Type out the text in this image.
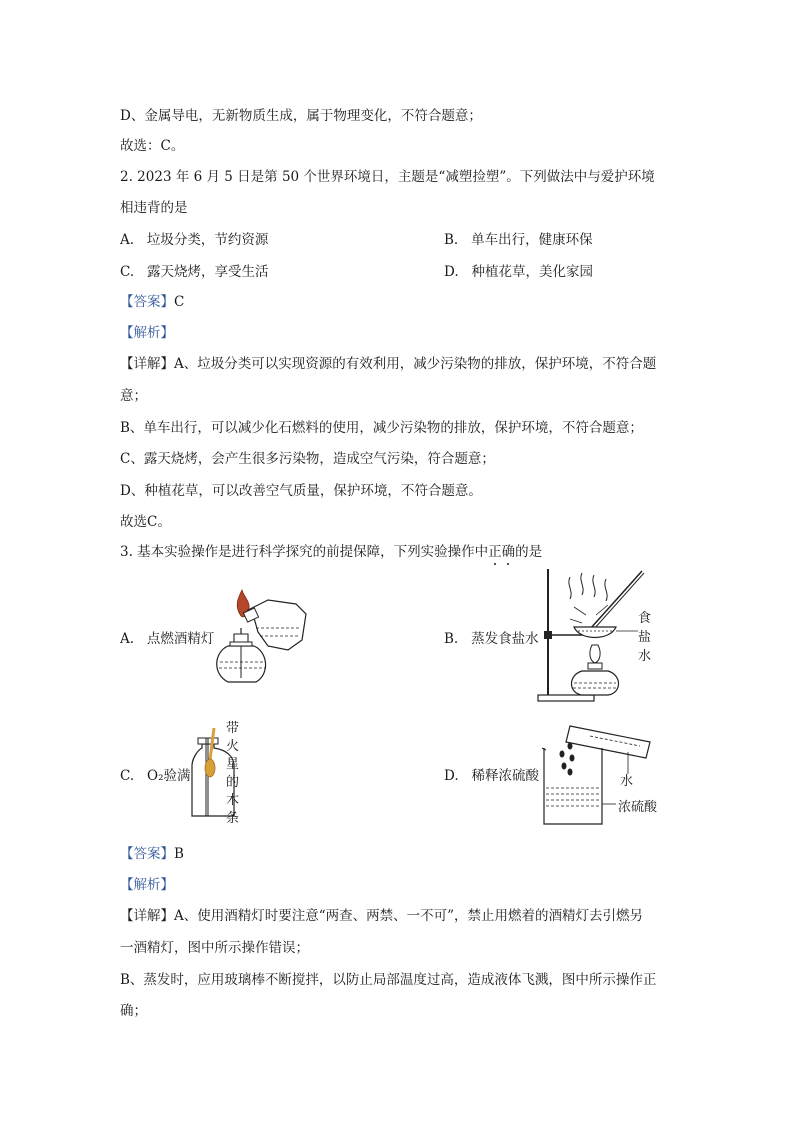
D、金属导电，无新物质生成，属于物理变化，不符合题意；
故选：C。
2. 2023 年 6 月 5 日是第 50 个世界环境日，主题是“减塑捡塑”。下列做法中与爱护环境
相违背的是
A. 垃圾分类，节约资源	B. 单车出行，健康环保
C. 露天烧烤，享受生活	D. 种植花草，美化家园
【答案】C
【解析】
【详解】A、垃圾分类可以实现资源的有效利用，减少污染物的排放，保护环境，不符合题
意；
B、单车出行，可以减少化石燃料的使用，减少污染物的排放，保护环境，不符合题意；
C、露天烧烤，会产生很多污染物，造成空气污染，符合题意；
D、种植花草，可以改善空气质量，保护环境，不符合题意。
故选C。
3. 基本实验操作是进行科学探究的前提保障，下列实验操作中正确的是
A. 点燃酒精灯	B. 蒸发食盐水
食
盐
水
C. O₂验满
带火星
的木条
D. 稀释浓硫酸	水
浓硫酸
【答案】B
【解析】
【详解】A、使用酒精灯时要注意“两查、两禁、一不可”，禁止用燃着的酒精灯去引燃另
一酒精灯，图中所示操作错误；
B、蒸发时，应用玻璃棒不断搅拌，以防止局部温度过高，造成液体飞溅，图中所示操作正
确；
